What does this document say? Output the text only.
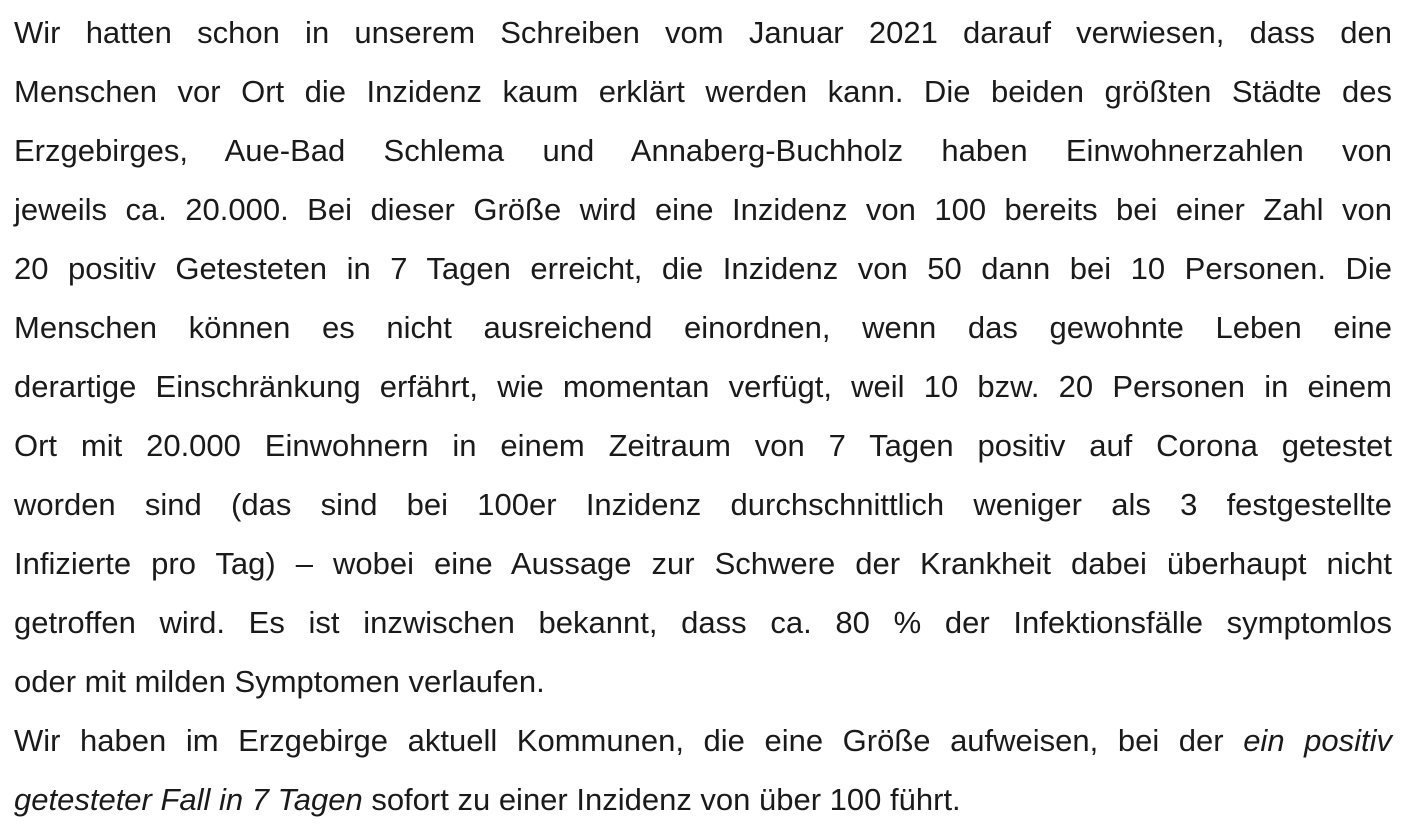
Wir hatten schon in unserem Schreiben vom Januar 2021 darauf verwiesen, dass den
Menschen vor Ort die Inzidenz kaum erklärt werden kann. Die beiden größten Städte des
Erzgebirges, Aue-Bad Schlema und Annaberg-Buchholz haben Einwohnerzahlen von
jeweils ca. 20.000. Bei dieser Größe wird eine Inzidenz von 100 bereits bei einer Zahl von
20 positiv Getesteten in 7 Tagen erreicht, die Inzidenz von 50 dann bei 10 Personen. Die
Menschen können es nicht ausreichend einordnen, wenn das gewohnte Leben eine
derartige Einschränkung erfährt, wie momentan verfügt, weil 10 bzw. 20 Personen in einem
Ort mit 20.000 Einwohnern in einem Zeitraum von 7 Tagen positiv auf Corona getestet
worden sind (das sind bei 100er Inzidenz durchschnittlich weniger als 3 festgestellte
Infizierte pro Tag) – wobei eine Aussage zur Schwere der Krankheit dabei überhaupt nicht
getroffen wird. Es ist inzwischen bekannt, dass ca. 80 % der Infektionsfälle symptomlos
oder mit milden Symptomen verlaufen.
Wir haben im Erzgebirge aktuell Kommunen, die eine Größe aufweisen, bei der ein positiv
getesteter Fall in 7 Tagen sofort zu einer Inzidenz von über 100 führt.
